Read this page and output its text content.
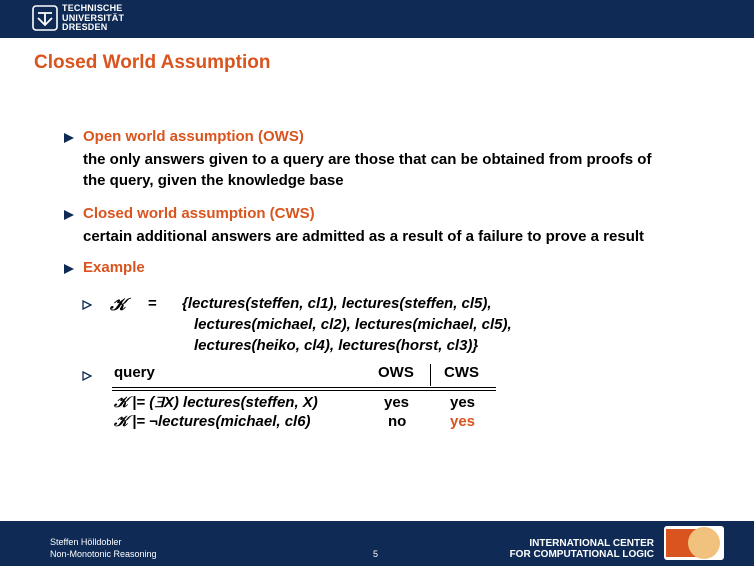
TECHNISCHE
UNIVERSITÄT
DRESDEN
Closed World Assumption
Open world assumption (OWS)
the only answers given to a query are those that can be obtained from proofs of
the query, given the knowledge base
Closed world assumption (CWS)
certain additional answers are admitted as a result of a failure to prove a result
Example
𝒦 = {lectures(steffen, cl1), lectures(steffen, cl5),
lectures(michael, cl2), lectures(michael, cl5),
lectures(heiko, cl4), lectures(horst, cl3)}
query	OWS CWS
𝒦 |= (∃X) lectures(steffen, X)	yes	yes
𝒦 |= ¬lectures(michael, cl6)	no	yes
Steffen Hölldobler
Non-Monotonic Reasoning	5
INTERNATIONAL CENTER
FOR COMPUTATIONAL LOGIC
